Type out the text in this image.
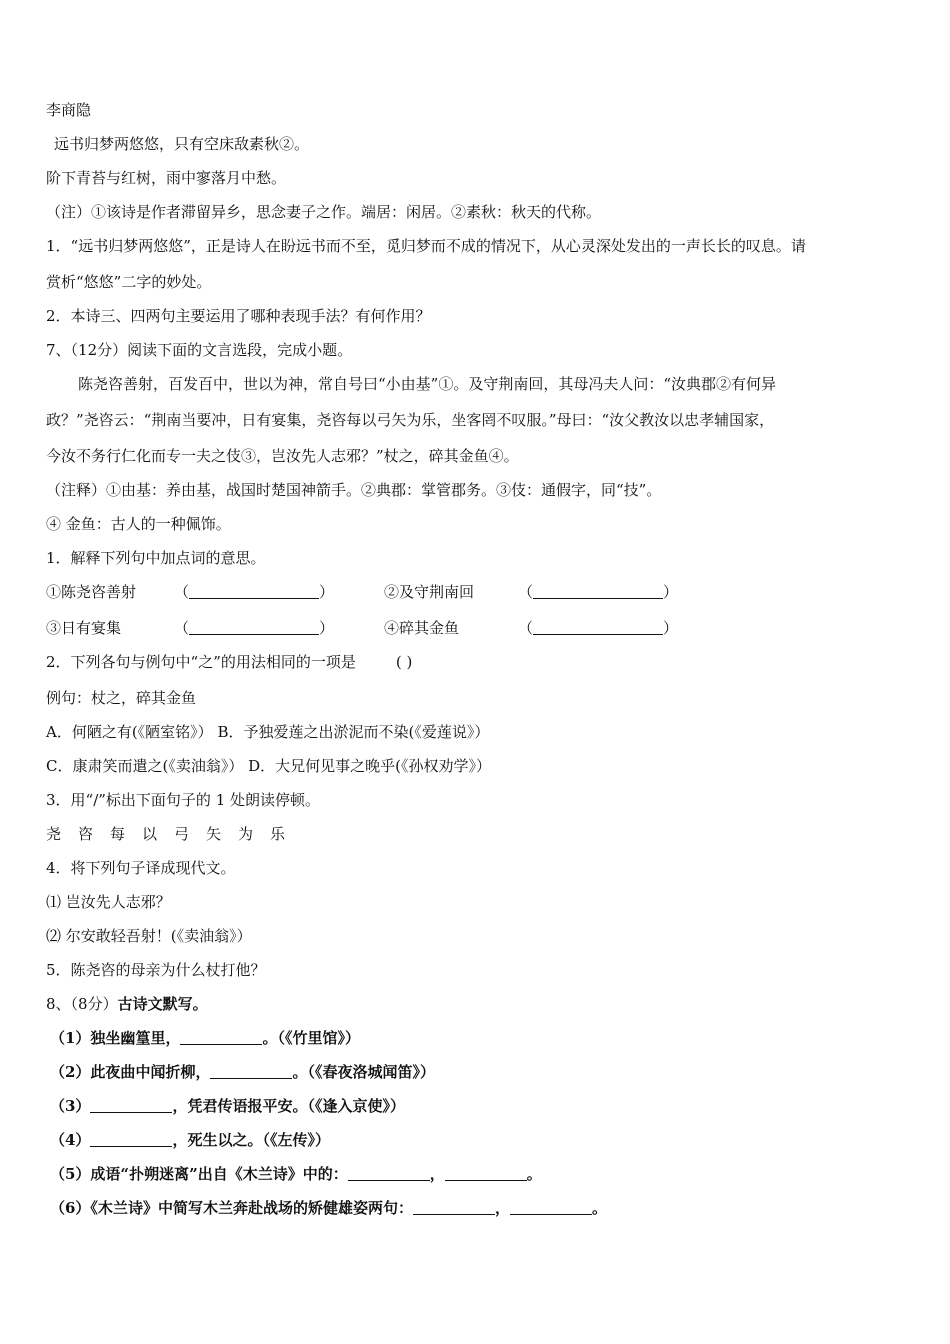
李商隐
远书归梦两悠悠，只有空床敌素秋②。
阶下青苔与红树，雨中寥落月中愁。
（注）①该诗是作者滞留异乡，思念妻子之作。端居：闲居。②素秋：秋天的代称。
1．“远书归梦两悠悠”，正是诗人在盼远书而不至，觅归梦而不成的情况下，从心灵深处发出的一声长长的叹息。请
赏析“悠悠”二字的妙处。
2．本诗三、四两句主要运用了哪种表现手法？有何作用？
7、（12分）阅读下面的文言选段，完成小题。
陈尧咨善射，百发百中，世以为神，常自号曰“小由基”①。及守荆南回，其母冯夫人问：“汝典郡②有何异
政？”尧咨云：“荆南当要冲，日有宴集，尧咨每以弓矢为乐，坐客罔不叹服。”母曰：“汝父教汝以忠孝辅国家，
今汝不务行仁化而专一夫之伎③，岂汝先人志邪？”杖之，碎其金鱼④。
（注释）①由基：养由基，战国时楚国神箭手。②典郡：掌管郡务。③伎：通假字，同“技”。
④ 金鱼：古人的一种佩饰。
1．解释下列句中加点词的意思。
①陈尧咨善射	（	）	②及守荆南回	（	）
③日有宴集	（	）	④碎其金鱼	（	）
2．下列各句与例句中“之”的用法相同的一项是	( )
例句：杖之，碎其金鱼
A．何陋之有(《陋室铭》） B．予独爱莲之出淤泥而不染(《爱莲说》）
C．康肃笑而遣之(《卖油翁》） D．大兄何见事之晚乎(《孙权劝学》）
3．用“/”标出下面句子的 1 处朗读停顿。
尧咨每以弓矢为乐
4．将下列句子译成现代文。
⑴ 岂汝先人志邪？
⑵ 尔安敢轻吾射！(《卖油翁》）
5．陈尧咨的母亲为什么杖打他？
8、（8分）古诗文默写。
（1）独坐幽篁里，	。（《竹里馆》）
（2）此夜曲中闻折柳，	。（《春夜洛城闻笛》）
（3）	，凭君传语报平安。（《逢入京使》）
（4）	，死生以之。（《左传》）
（5）成语“扑朔迷离”出自《木兰诗》中的：	，	。
（6）《木兰诗》中简写木兰奔赴战场的矫健雄姿两句：	，	。
